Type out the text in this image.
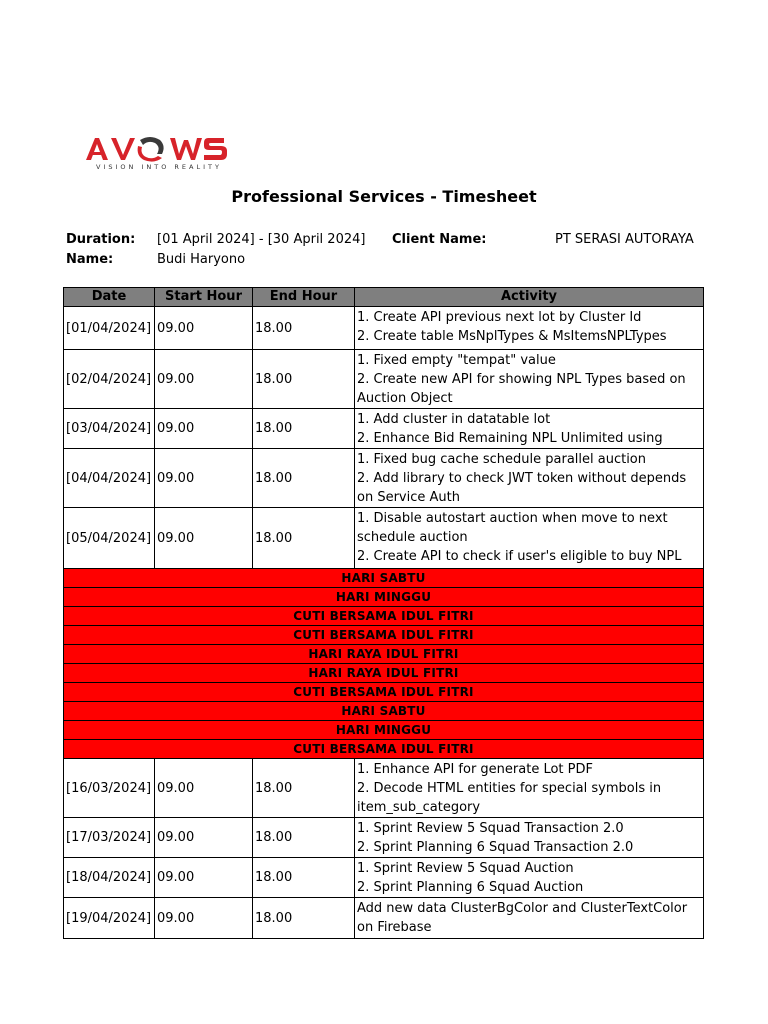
VISION INTO REALITY
Professional Services - Timesheet
Duration: [01 April 2024] - [30 April 2024] Client Name:	PT SERASI AUTORAYA
Name:	Budi Haryono
Date	Start Hour	End Hour	Activity
[01/04/2024]	09.00	18.00	1. Create API previous next lot by Cluster Id
2. Create table MsNplTypes & MsItemsNPLTypes

[02/04/2024]	09.00	18.00	1. Fixed empty "tempat" value
2. Create new API for showing NPL Types based on Auction Object

[03/04/2024]	09.00	18.00	1. Add cluster in datatable lot
2. Enhance Bid Remaining NPL Unlimited using

[04/04/2024]	09.00	18.00	1. Fixed bug cache schedule parallel auction
2. Add library to check JWT token without depends on Service Auth

[05/04/2024]	09.00	18.00	1. Disable autostart auction when move to next schedule auction
2. Create API to check if user's eligible to buy NPL

HARI SABTU			
HARI MINGGU			
CUTI BERSAMA IDUL FITRI			
CUTI BERSAMA IDUL FITRI			
HARI RAYA IDUL FITRI			
HARI RAYA IDUL FITRI			
CUTI BERSAMA IDUL FITRI			
HARI SABTU			
HARI MINGGU			
CUTI BERSAMA IDUL FITRI			
[16/03/2024]	09.00	18.00	1. Enhance API for generate Lot PDF
2. Decode HTML entities for special symbols in item_sub_category

[17/03/2024]	09.00	18.00	1. Sprint Review 5 Squad Transaction 2.0
2. Sprint Planning 6 Squad Transaction 2.0

[18/04/2024]	09.00	18.00	1. Sprint Review 5 Squad Auction
2. Sprint Planning 6 Squad Auction

[19/04/2024]	09.00	18.00	Add new data ClusterBgColor and ClusterTextColor on Firebase
